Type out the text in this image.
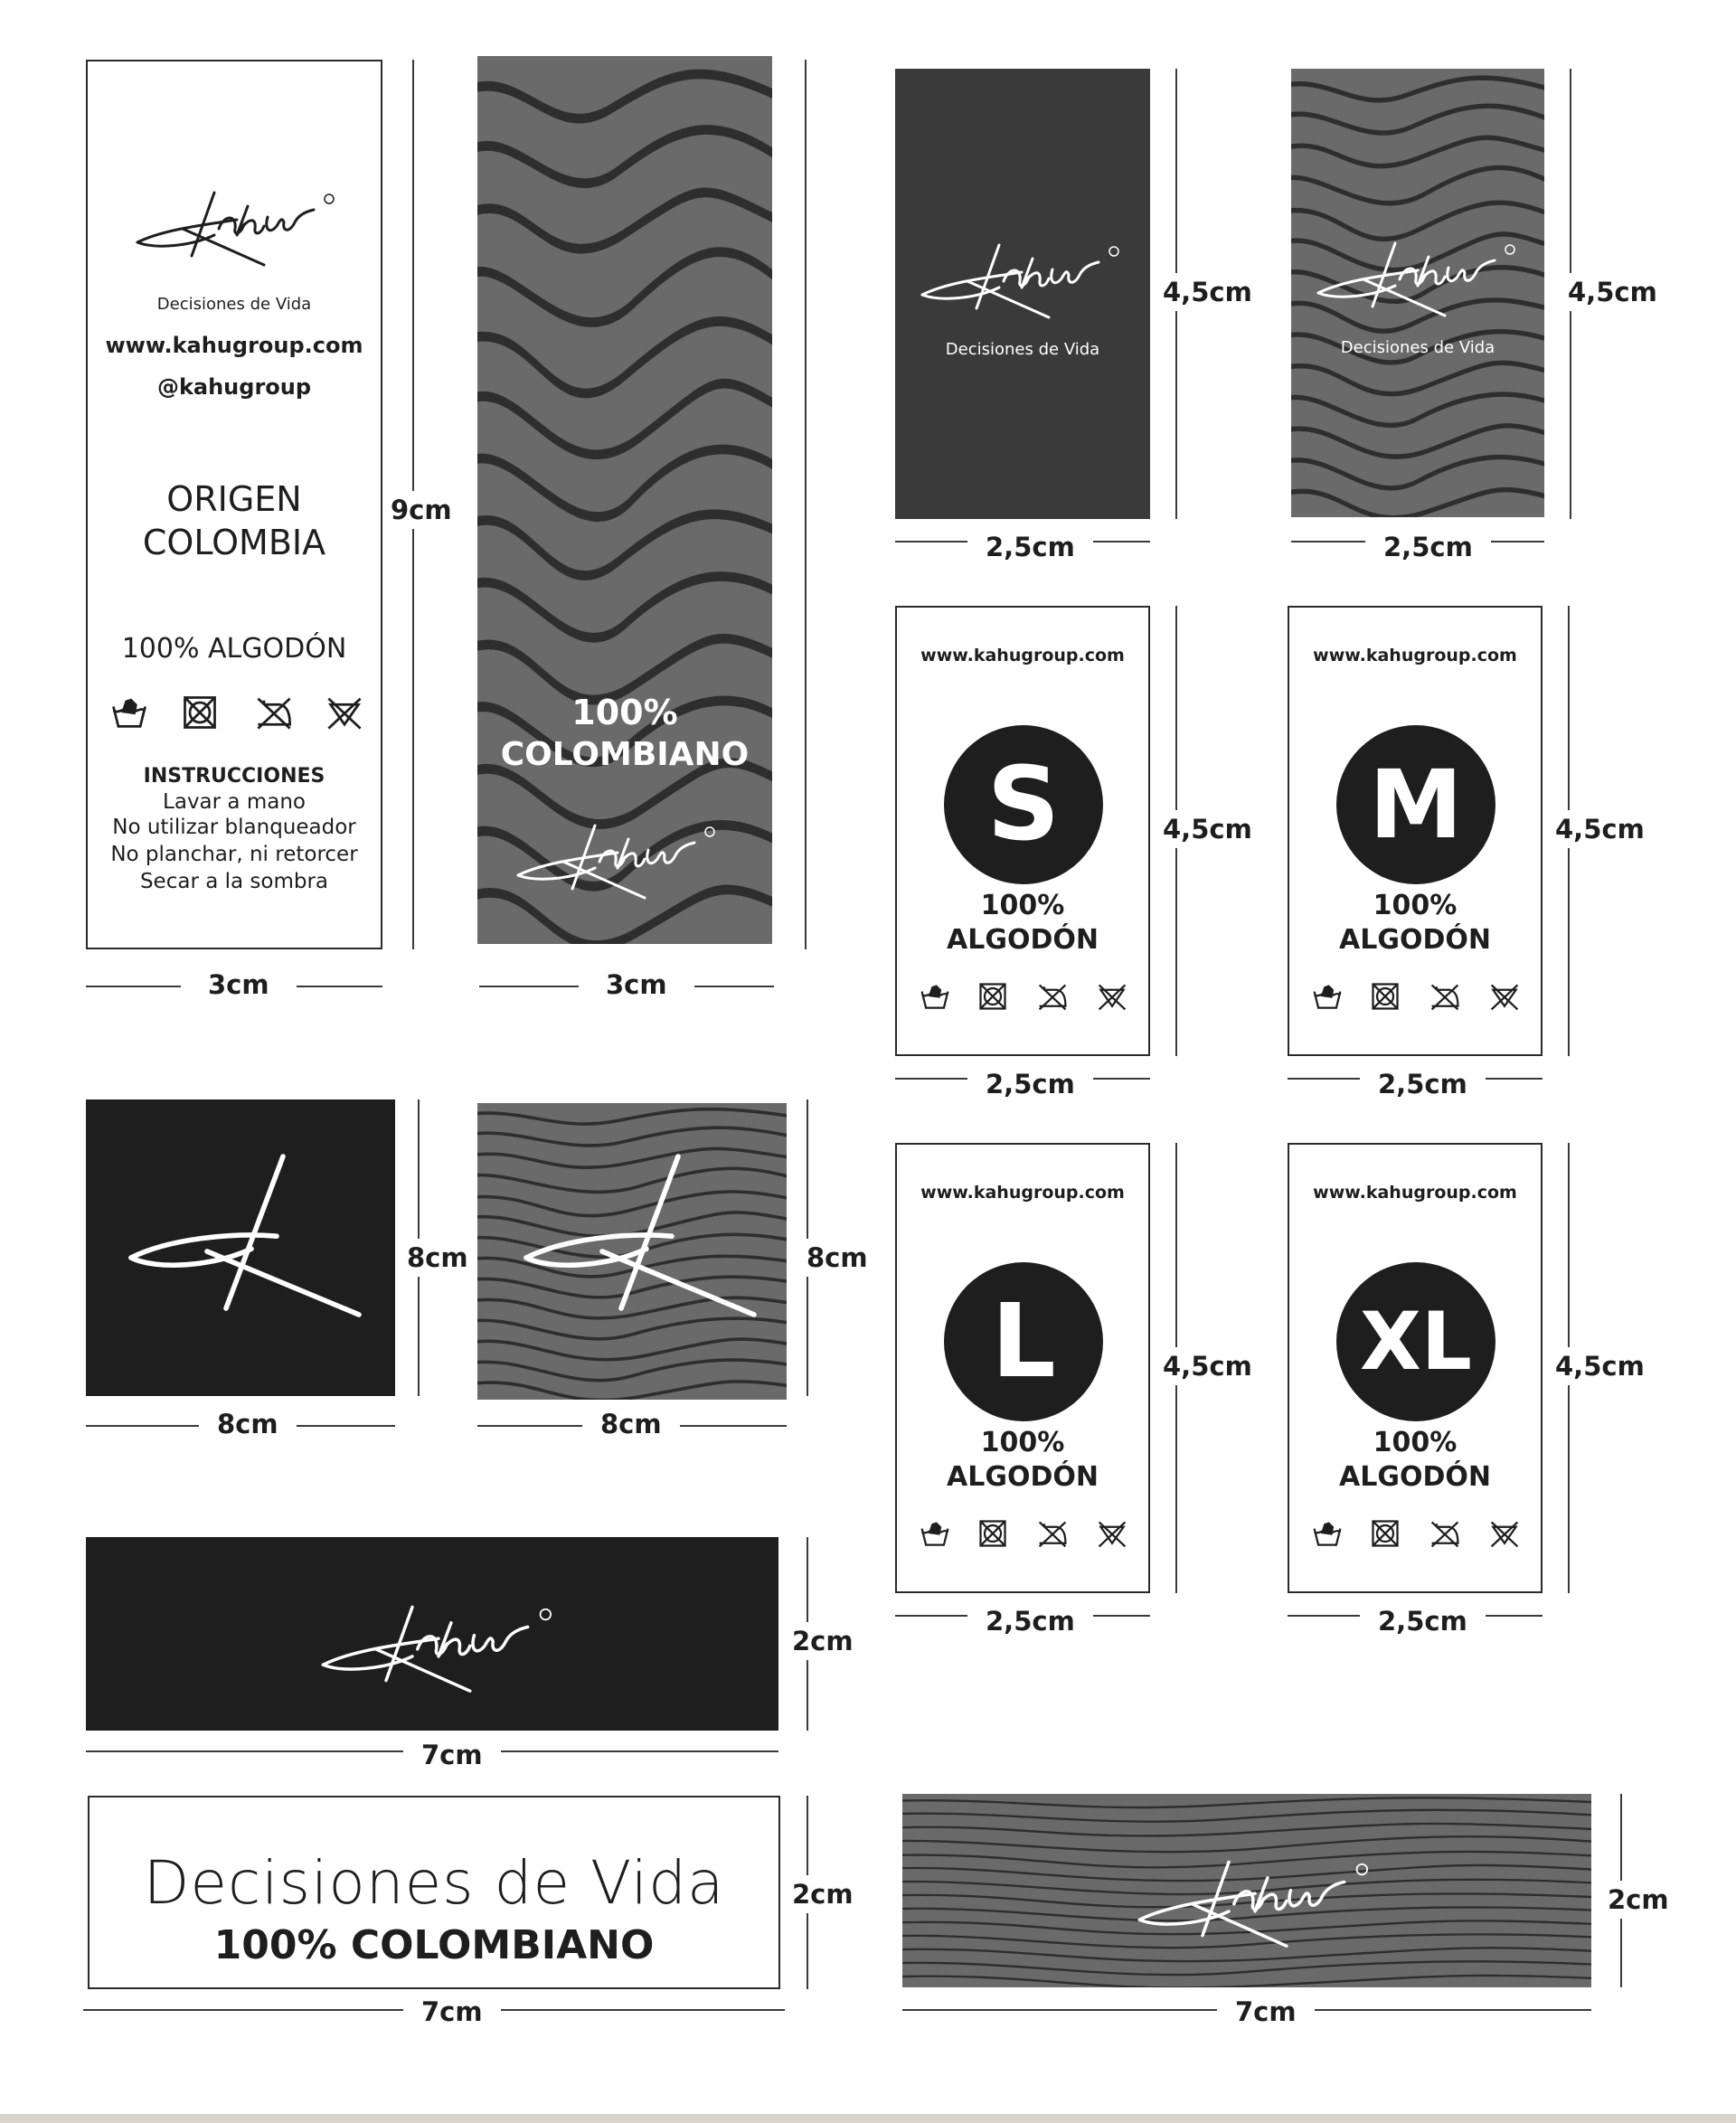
Decisiones de Vida
www.kahugroup.com
@kahugroup
ORIGEN
COLOMBIA
100% ALGODÓN
INSTRUCCIONES
Lavar a mano
No utilizar blanqueador
No planchar, ni retorcer
Secar a la sombra
9cm
3cm
100%
COLOMBIANO
3cm
Decisiones de Vida
4,5cm
2,5cm
Decisiones de Vida
4,5cm
2,5cm
www.kahugroup.com
S
100%
ALGODÓN
4,5cm
2,5cm
www.kahugroup.com
M
100%
ALGODÓN
4,5cm
2,5cm
www.kahugroup.com
L
100%
ALGODÓN
4,5cm
2,5cm
www.kahugroup.com
XL
100%
ALGODÓN
4,5cm
2,5cm
8cm
8cm
8cm
8cm
2cm
7cm
Decisiones de Vida
100% COLOMBIANO
2cm
7cm
2cm
7cm
